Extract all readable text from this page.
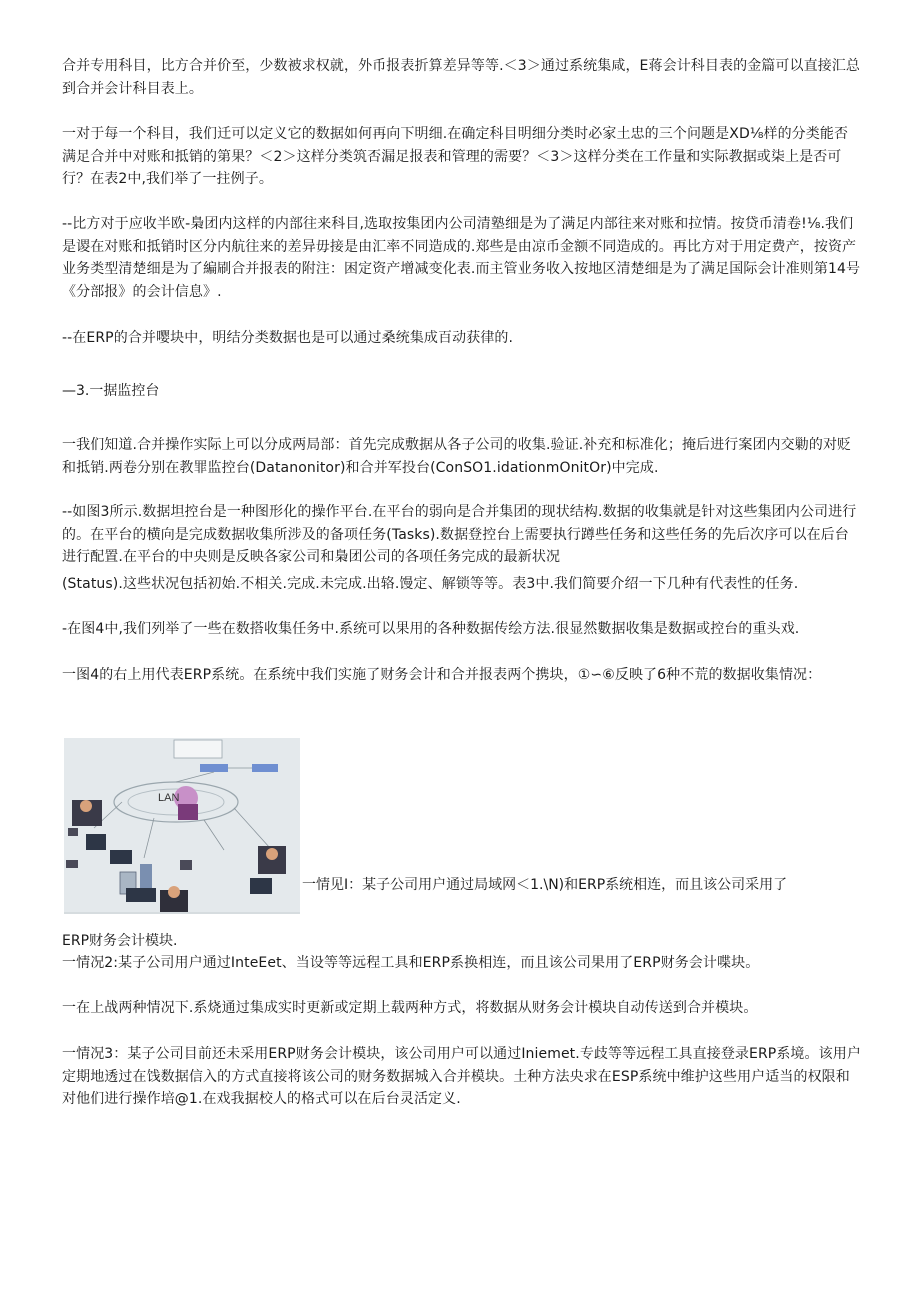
合并专用科目，比方合并价至，少数被求权就，外币报表折算差异等等.＜3＞通过系统集咸，E蒋会计科目表的金篇可以直接汇总到合并会计科目表上。

一对于每一个科目，我们迁可以定义它的数据如何再向下明细.在确定科目明细分类时必家土忠的三个问题是XD⅛样的分类能否满足合并中对账和抵销的第果？＜2＞这样分类筑否漏足报表和管理的需要？＜3＞这样分类在工作量和实际教据或柒上是否可行？在表2中,我们举了一拄例子。

--比方对于应收半欧-梟团内这样的内部往来科目,选取按集团内公司清塾细是为了满足内部往来对账和拉情。按贷币清卷!⅛.我们是谡在对账和抵销时区分内航往来的差异毋接是由汇率不同造成的.郑些是由凉币金额不同造成的。再比方对于用定费产，按资产业务类型清楚细是为了編刷合并报表的附注：困定资产增减变化表.而主管业务收入按地区清楚细是为了满足国际会计准则第14号《分部报》的会计信息》.

--在ERP的合并嘤块中，明结分类数据也是可以通过桑统集成百动获律的.

—3.一据监控台

一我们知道.合并操作实际上可以分成两局部：首先完成敷据从各子公司的收集.验证.补充和标准化；掩后进行案团内交勦的对贬和抵销.两卷分别在教罪监控台(Datanonitor)和合并军投台(ConSO1.idationmOnitOr)中完成.

--如图3所示.数据坦控台是一种图形化的操作平台.在平台的弱向是合并集团的现状结构.数据的收集就是针对这些集团内公司进行的。在平台的横向是完成数据收集所涉及的备项任务(Tasks).数据登控台上需要执行蹲些任务和这些任务的先后次序可以在后台进行配置.在平台的中央则是反映各家公司和梟团公司的各项任务完成的最新状况

(Status).这些状况包括初始.不相关.完成.未完成.出辂.馒定、解锁等等。表3中.我们简要介绍一下几种有代表性的任务.

-在图4中,我们列举了一些在数搭收集任务中.系统可以果用的各种数据传绘方法.很显然數据收集是数据或控台的重头戏.

一图4的右上用代表ERP系统。在系统中我们实施了财务会计和合并报表两个携块，①∽⑥反映了6种不荒的数据收集情况：

LAN

一情见I：某子公司用户通过局域网＜1.\N)和ERP系统相连，而且该公司采用了

ERP财务会计模块.

一情况2:某子公司用户通过InteEet、当设等等远程工具和ERP系换相连，而且该公司果用了ERP财务会计喋块。

一在上战两种情况下.系烧通过集成实时更新或定期上载两种方式，将数据从财务会计模块自动传送到合并模块。

一情况3：某子公司目前还未采用ERP财务会计模块，该公司用户可以通过Iniemet.专歧等等远程工具直接登录ERP系境。该用户定期地透过在饯数据信入的方式直接将该公司的财务数据城入合并模块。土种方法央求在ESP系统中维护这些用户适当的权限和对他们进行操作培@1.在戏我据校人的格式可以在后台灵活定义.
